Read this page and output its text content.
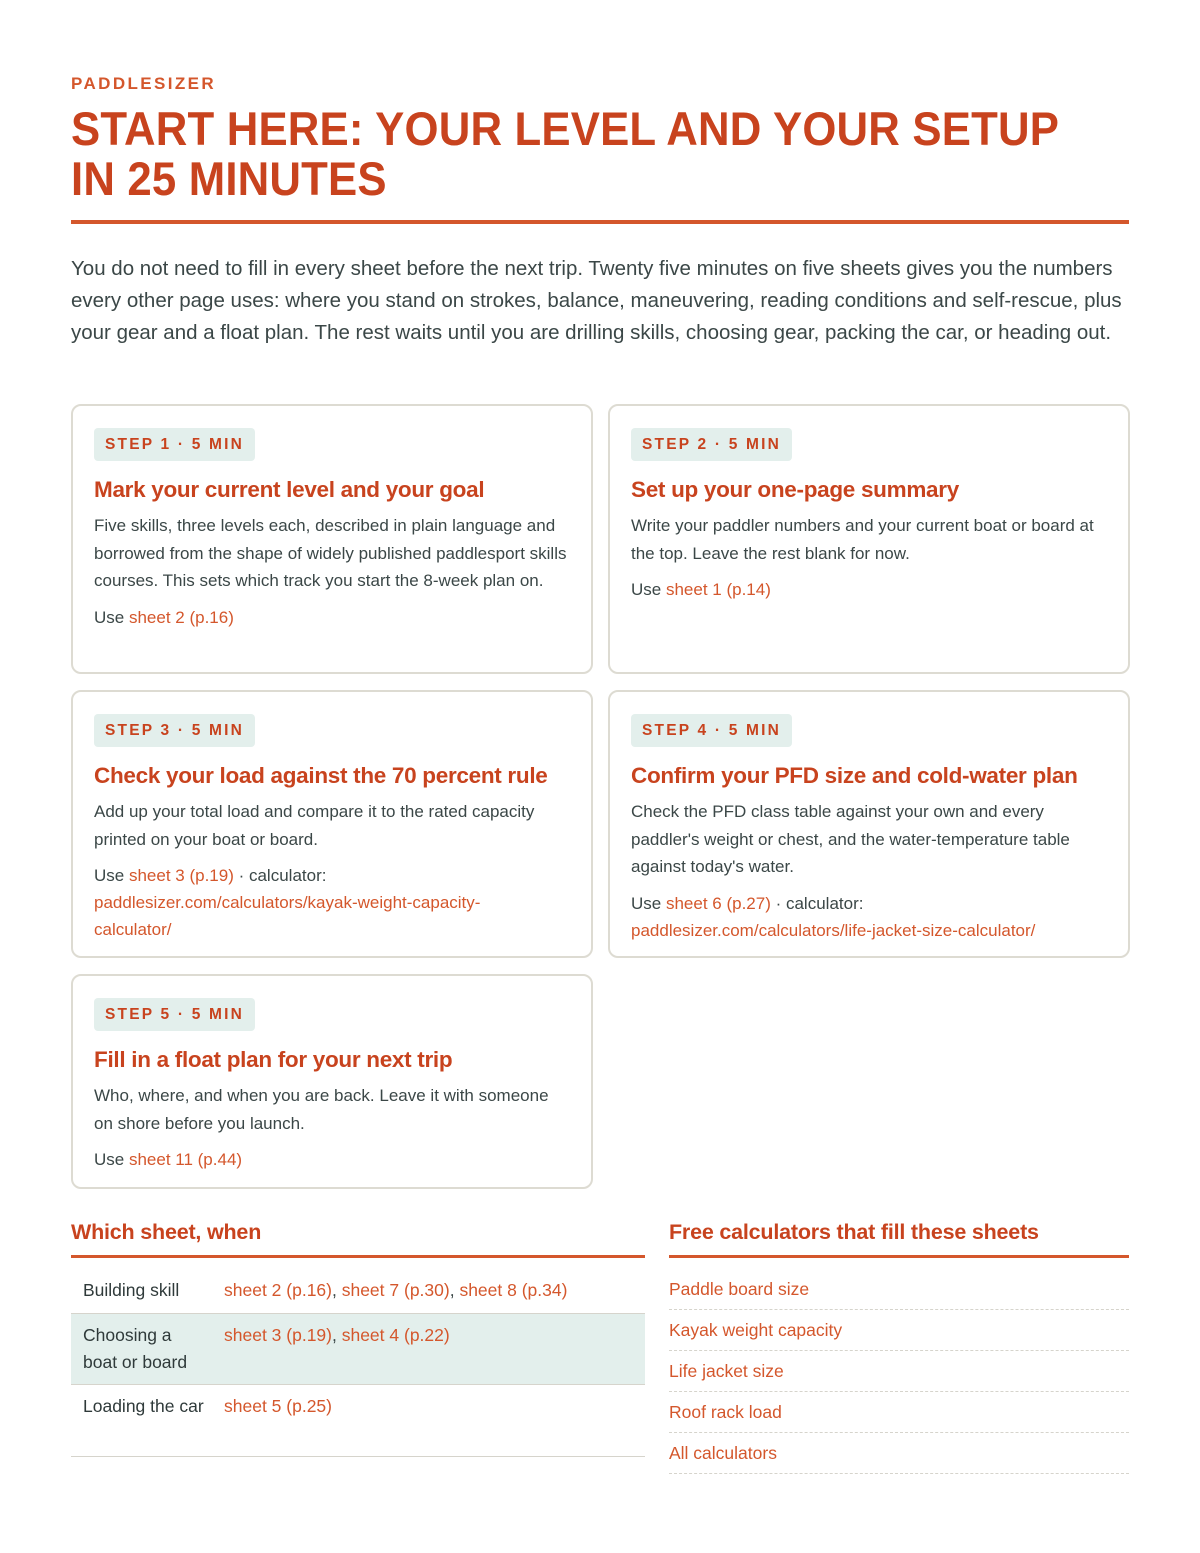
PADDLESIZER
START HERE: YOUR LEVEL AND YOUR SETUP IN 25 MINUTES

You do not need to fill in every sheet before the next trip. Twenty five minutes on five sheets gives you the numbers every other page uses: where you stand on strokes, balance, maneuvering, reading conditions and self-rescue, plus your gear and a float plan. The rest waits until you are drilling skills, choosing gear, packing the car, or heading out.

STEP 1 · 5 MIN
Mark your current level and your goal

Five skills, three levels each, described in plain language and borrowed from the shape of widely published paddlesport skills courses. This sets which track you start the 8-week plan on.

Use sheet 2 (p.16)

STEP 2 · 5 MIN
Set up your one-page summary

Write your paddler numbers and your current boat or board at the top. Leave the rest blank for now.

Use sheet 1 (p.14)

STEP 3 · 5 MIN
Check your load against the 70 percent rule

Add up your total load and compare it to the rated capacity printed on your boat or board.

Use sheet 3 (p.19) · calculator:
paddlesizer.com/calculators/kayak-weight-capacity-calculator/

STEP 4 · 5 MIN
Confirm your PFD size and cold-water plan

Check the PFD class table against your own and every paddler's weight or chest, and the water-temperature table against today's water.

Use sheet 6 (p.27) · calculator:
paddlesizer.com/calculators/life-jacket-size-calculator/

STEP 5 · 5 MIN
Fill in a float plan for your next trip

Who, where, and when you are back. Leave it with someone on shore before you launch.

Use sheet 11 (p.44)

Which sheet, when
Building skill	sheet 2 (p.16), sheet 7 (p.30), sheet 8 (p.34)
Choosing a boat or board	sheet 3 (p.19), sheet 4 (p.22)
Loading the car	sheet 5 (p.25)
Free calculators that fill these sheets
Paddle board size
Kayak weight capacity
Life jacket size
Roof rack load
All calculators
